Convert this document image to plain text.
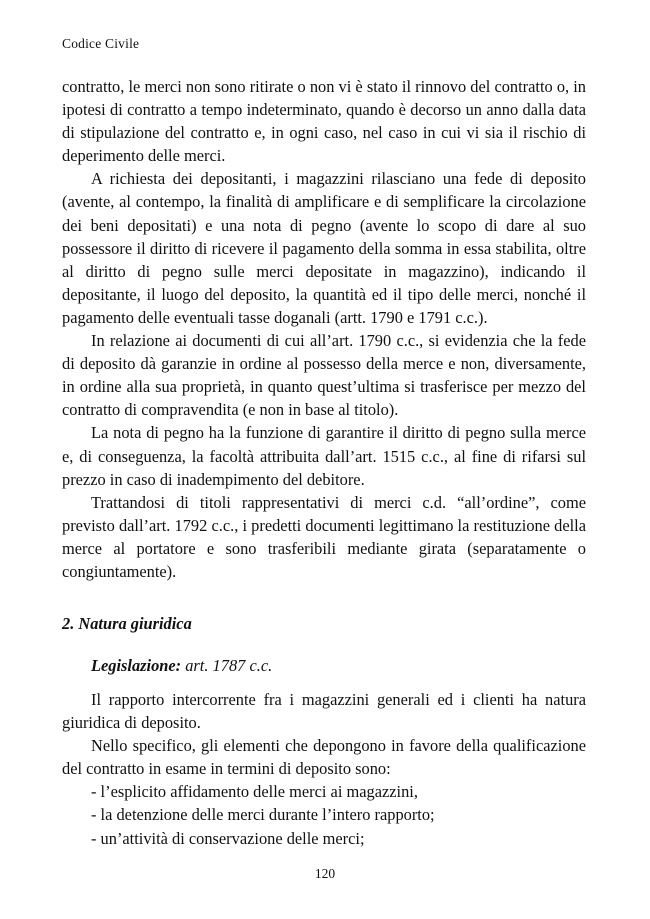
Codice Civile

contratto, le merci non sono ritirate o non vi è stato il rinnovo del contratto o, in ipotesi di contratto a tempo indeterminato, quando è decorso un anno dalla data di stipulazione del contratto e, in ogni caso, nel caso in cui vi sia il rischio di deperimento delle merci.

A richiesta dei depositanti, i magazzini rilasciano una fede di deposito (avente, al contempo, la finalità di amplificare e di semplificare la circolazione dei beni depositati) e una nota di pegno (avente lo scopo di dare al suo possessore il diritto di ricevere il pagamento della somma in essa stabilita, oltre al diritto di pegno sulle merci depositate in magazzino), indicando il depositante, il luogo del deposito, la quantità ed il tipo delle merci, nonché il pagamento delle eventuali tasse doganali (artt. 1790 e 1791 c.c.).

In relazione ai documenti di cui all’art. 1790 c.c., si evidenzia che la fede di deposito dà garanzie in ordine al possesso della merce e non, diversamente, in ordine alla sua proprietà, in quanto quest’ultima si trasferisce per mezzo del contratto di compravendita (e non in base al titolo).

La nota di pegno ha la funzione di garantire il diritto di pegno sulla merce e, di conseguenza, la facoltà attribuita dall’art. 1515 c.c., al fine di rifarsi sul prezzo in caso di inadempimento del debitore.

Trattandosi di titoli rappresentativi di merci c.d. “all’ordine”, come previsto dall’art. 1792 c.c., i predetti documenti legittimano la restituzione della merce al portatore e sono trasferibili mediante girata (separatamente o congiuntamente).

2. Natura giuridica
Legislazione: art. 1787 c.c.

Il rapporto intercorrente fra i magazzini generali ed i clienti ha natura giuridica di deposito.

Nello specifico, gli elementi che depongono in favore della qualificazione del contratto in esame in termini di deposito sono:

- l’esplicito affidamento delle merci ai magazzini,

- la detenzione delle merci durante l’intero rapporto;

- un’attività di conservazione delle merci;

120
